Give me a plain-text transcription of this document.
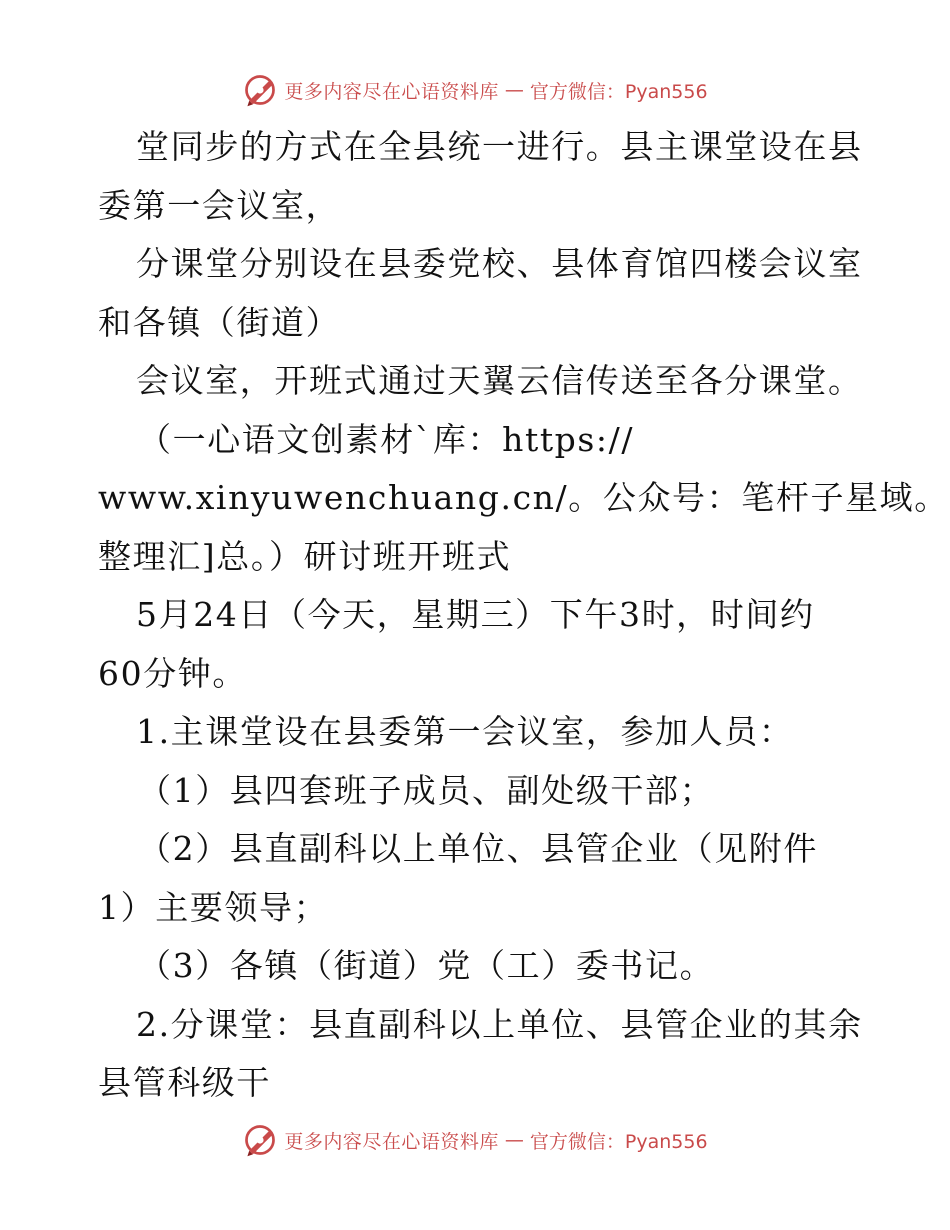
更多内容尽在心语资料库 — 官方微信：Pyan556
堂同步的方式在全县统一进行。县主课堂设在县
委第一会议室，
分课堂分别设在县委党校、县体育馆四楼会议室
和各镇（街道）
会议室，开班式通过天翼云信传送至各分课堂。
（一心语文创素材ˋ库：https://
www.xinyuwenchuang.cn/。公众号：笔杆子星域。
整理汇]总。）研讨班开班式
5月24日（今天，星期三）下午3时，时间约
60分钟。
1.主课堂设在县委第一会议室，参加人员：
（1）县四套班子成员、副处级干部；
（2）县直副科以上单位、县管企业（见附件
1）主要领导；
（3）各镇（街道）党（工）委书记。
2.分课堂：县直副科以上单位、县管企业的其余
县管科级干
更多内容尽在心语资料库 — 官方微信：Pyan556
